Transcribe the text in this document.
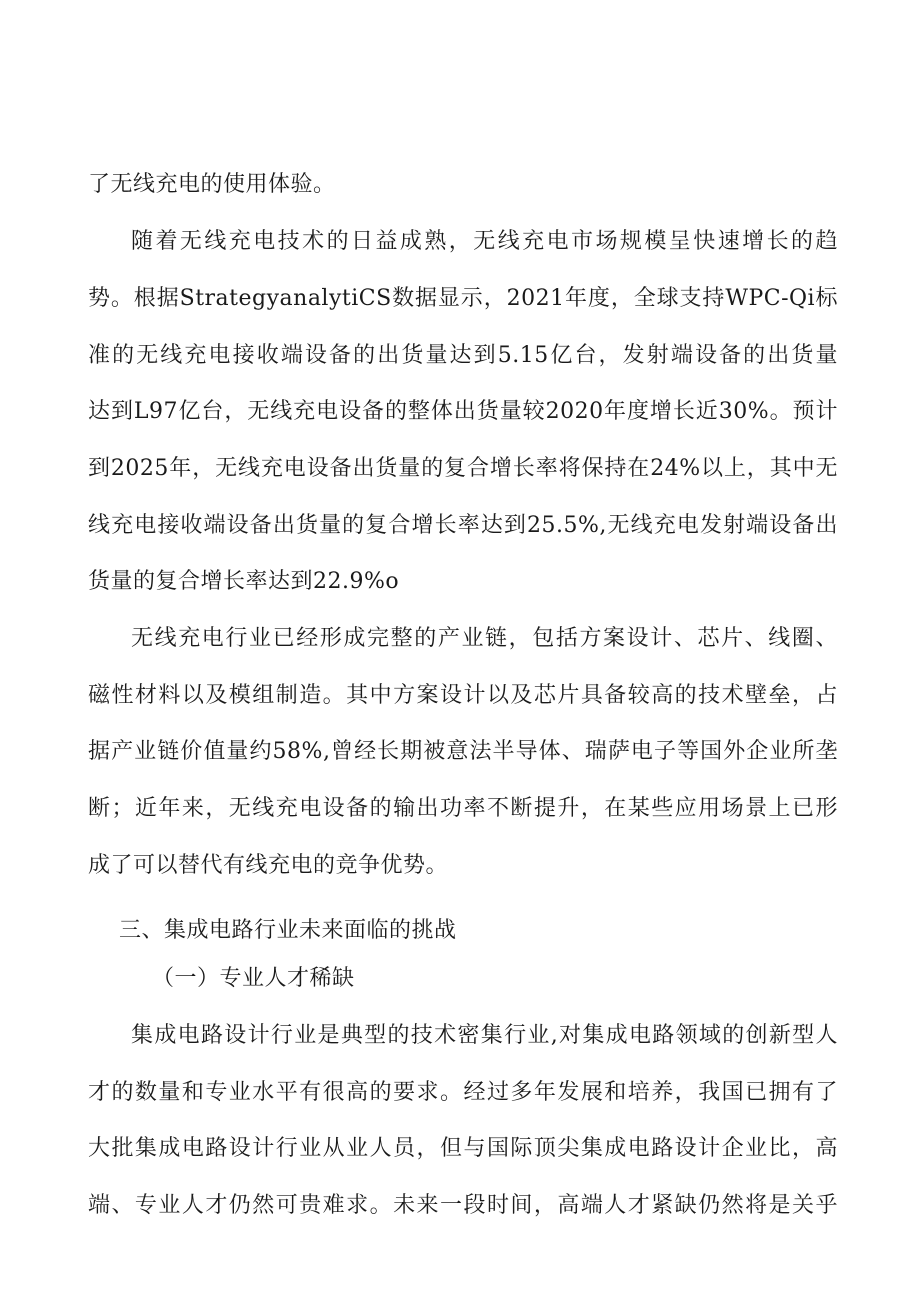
了无线充电的使用体验。
随着无线充电技术的日益成熟，无线充电市场规模呈快速增长的趋
势。根据StrategyanalytiCS数据显示，2021年度，全球支持WPC-Qi标
准的无线充电接收端设备的出货量达到5.15亿台，发射端设备的出货量
达到L97亿台，无线充电设备的整体出货量较2020年度增长近30%。预计
到2025年，无线充电设备出货量的复合增长率将保持在24%以上，其中无
线充电接收端设备出货量的复合增长率达到25.5%,无线充电发射端设备出
货量的复合增长率达到22.9%o
无线充电行业已经形成完整的产业链，包括方案设计、芯片、线圈、
磁性材料以及模组制造。其中方案设计以及芯片具备较高的技术壁垒，占
据产业链价值量约58%,曾经长期被意法半导体、瑞萨电子等国外企业所垄
断；近年来，无线充电设备的输出功率不断提升，在某些应用场景上已形
成了可以替代有线充电的竞争优势。
三、集成电路行业未来面临的挑战
（一）专业人才稀缺
集成电路设计行业是典型的技术密集行业,对集成电路领域的创新型人
才的数量和专业水平有很高的要求。经过多年发展和培养，我国已拥有了
大批集成电路设计行业从业人员，但与国际顶尖集成电路设计企业比，高
端、专业人才仍然可贵难求。未来一段时间，高端人才紧缺仍然将是关乎
